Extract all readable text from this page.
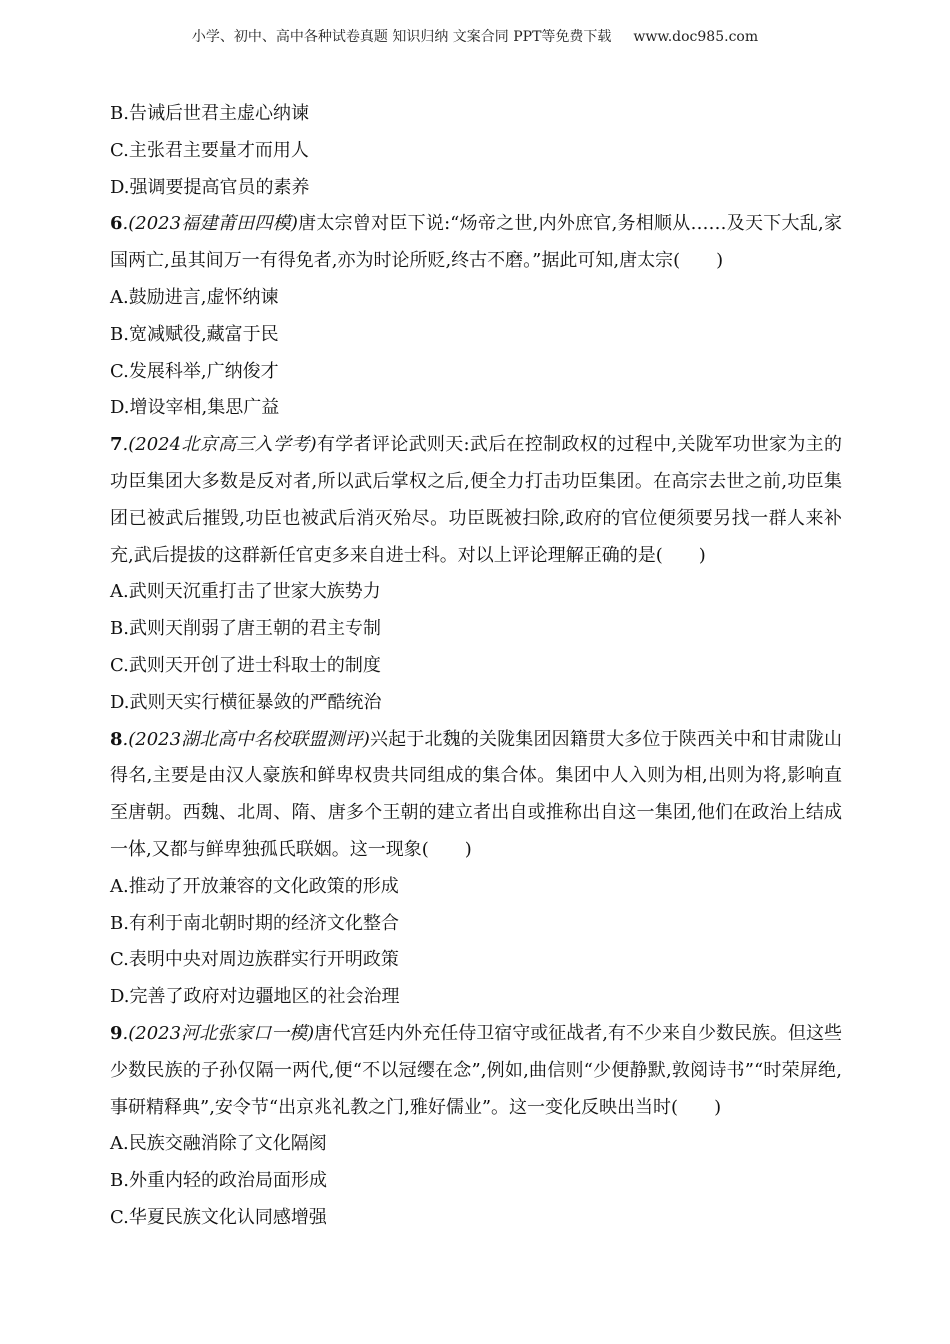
小学、初中、高中各种试卷真题 知识归纳 文案合同 PPT等免费下载 www.doc985.com
B.告诫后世君主虚心纳谏
C.主张君主要量才而用人
D.强调要提高官员的素养
6.(2023福建莆田四模)唐太宗曾对臣下说:“炀帝之世,内外庶官,务相顺从……及天下大乱,家国两亡,虽其间万一有得免者,亦为时论所贬,终古不磨。”据此可知,唐太宗(　　)
A.鼓励进言,虚怀纳谏
B.宽减赋役,藏富于民
C.发展科举,广纳俊才
D.增设宰相,集思广益
7.(2024北京高三入学考)有学者评论武则天:武后在控制政权的过程中,关陇军功世家为主的功臣集团大多数是反对者,所以武后掌权之后,便全力打击功臣集团。在高宗去世之前,功臣集团已被武后摧毁,功臣也被武后消灭殆尽。功臣既被扫除,政府的官位便须要另找一群人来补充,武后提拔的这群新任官吏多来自进士科。对以上评论理解正确的是(　　)
A.武则天沉重打击了世家大族势力
B.武则天削弱了唐王朝的君主专制
C.武则天开创了进士科取士的制度
D.武则天实行横征暴敛的严酷统治
8.(2023湖北高中名校联盟测评)兴起于北魏的关陇集团因籍贯大多位于陕西关中和甘肃陇山得名,主要是由汉人豪族和鲜卑权贵共同组成的集合体。集团中人入则为相,出则为将,影响直至唐朝。西魏、北周、隋、唐多个王朝的建立者出自或推称出自这一集团,他们在政治上结成一体,又都与鲜卑独孤氏联姻。这一现象(　　)
A.推动了开放兼容的文化政策的形成
B.有利于南北朝时期的经济文化整合
C.表明中央对周边族群实行开明政策
D.完善了政府对边疆地区的社会治理
9.(2023河北张家口一模)唐代宫廷内外充任侍卫宿守或征战者,有不少来自少数民族。但这些少数民族的子孙仅隔一两代,便“不以冠缨在念”,例如,曲信则“少便静默,敦阅诗书”“时荣屏绝,事研精释典”,安令节“出京兆礼教之门,雅好儒业”。这一变化反映出当时(　　)
A.民族交融消除了文化隔阂
B.外重内轻的政治局面形成
C.华夏民族文化认同感增强
